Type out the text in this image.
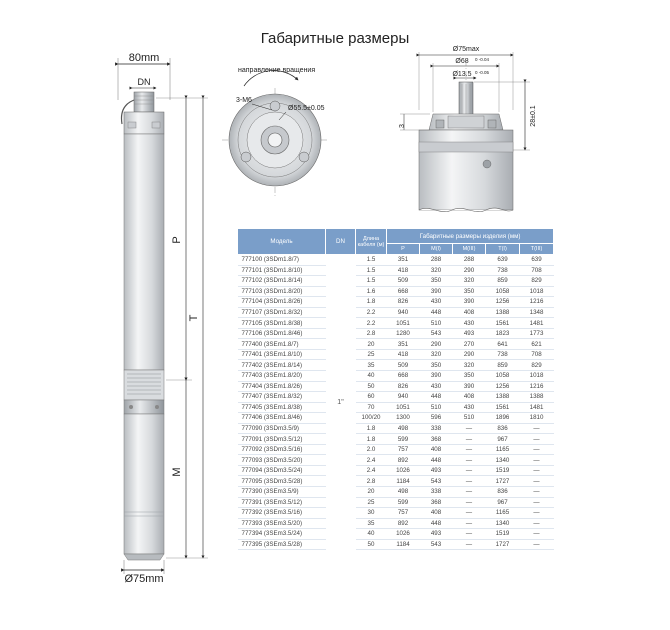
Габаритные размеры
80mm
DN
Ø75mm
P
T
M
направление вращения
3-M6
Ø55.5±0.05
Ø75max
Ø68 0 -0.04
Ø13.5 0 -0.05
3	28±0.1
Модель	DN	Длина кабеля (м)	Габаритные размеры изделия (мм)				
			P	M(I)	M(III)	T(I)	T(III)
777100 (3SDm1.8/7)	1"	1.5	351	288	288	639	639
777101 (3SDm1.8/10)		1.5	418	320	290	738	708
777102 (3SDm1.8/14)		1.5	509	350	320	859	829
777103 (3SDm1.8/20)		1.6	668	390	350	1058	1018
777104 (3SDm1.8/26)		1.8	826	430	390	1256	1216
777107 (3SDm1.8/32)		2.2	940	448	408	1388	1348
777105 (3SDm1.8/38)		2.2	1051	510	430	1561	1481
777106 (3SDm1.8/46)		2.8	1280	543	493	1823	1773
777400 (3SEm1.8/7)		20	351	290	270	641	621
777401 (3SEm1.8/10)		25	418	320	290	738	708
777402 (3SEm1.8/14)		35	509	350	320	859	829
777403 (3SEm1.8/20)		40	668	390	350	1058	1018
777404 (3SEm1.8/26)		50	826	430	390	1256	1216
777407 (3SEm1.8/32)		60	940	448	408	1388	1388
777405 (3SEm1.8/38)		70	1051	510	430	1561	1481
777406 (3SEm1.8/46)		100/20	1300	596	510	1896	1810
777090 (3SDm3.5/9)		1.8	498	338	—	836	—
777091 (3SDm3.5/12)		1.8	599	368	—	967	—
777092 (3SDm3.5/16)		2.0	757	408	—	1165	—
777093 (3SDm3.5/20)		2.4	892	448	—	1340	—
777094 (3SDm3.5/24)		2.4	1026	493	—	1519	—
777095 (3SDm3.5/28)		2.8	1184	543	—	1727	—
777390 (3SEm3.5/9)		20	498	338	—	836	—
777391 (3SEm3.5/12)		25	599	368	—	967	—
777392 (3SEm3.5/16)		30	757	408	—	1165	—
777393 (3SEm3.5/20)		35	892	448	—	1340	—
777394 (3SEm3.5/24)		40	1026	493	—	1519	—
777395 (3SEm3.5/28)		50	1184	543	—	1727	—
